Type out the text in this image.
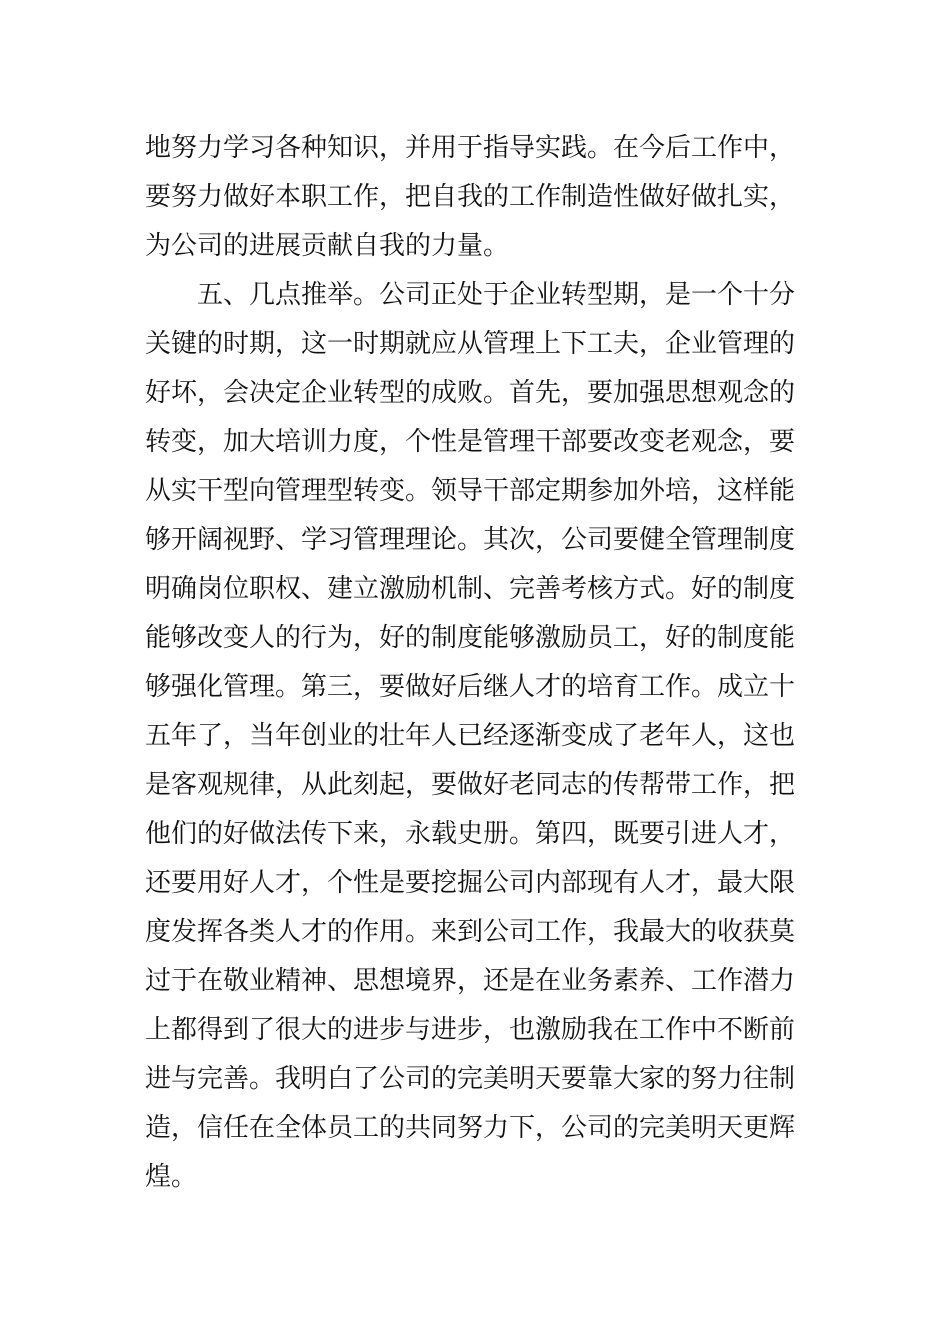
地努力学习各种知识，并用于指导实践。在今后工作中，
要努力做好本职工作，把自我的工作制造性做好做扎实，
为公司的进展贡献自我的力量。
　　五、几点推举。公司正处于企业转型期，是一个十分
关键的时期，这一时期就应从管理上下工夫，企业管理的
好坏，会决定企业转型的成败。首先，要加强思想观念的
转变，加大培训力度，个性是管理干部要改变老观念，要
从实干型向管理型转变。领导干部定期参加外培，这样能
够开阔视野、学习管理理论。其次，公司要健全管理制度
明确岗位职权、建立激励机制、完善考核方式。好的制度
能够改变人的行为，好的制度能够激励员工，好的制度能
够强化管理。第三，要做好后继人才的培育工作。成立十
五年了，当年创业的壮年人已经逐渐变成了老年人，这也
是客观规律，从此刻起，要做好老同志的传帮带工作，把
他们的好做法传下来，永载史册。第四，既要引进人才，
还要用好人才，个性是要挖掘公司内部现有人才，最大限
度发挥各类人才的作用。来到公司工作，我最大的收获莫
过于在敬业精神、思想境界，还是在业务素养、工作潜力
上都得到了很大的进步与进步，也激励我在工作中不断前
进与完善。我明白了公司的完美明天要靠大家的努力往制
造，信任在全体员工的共同努力下，公司的完美明天更辉
煌。
